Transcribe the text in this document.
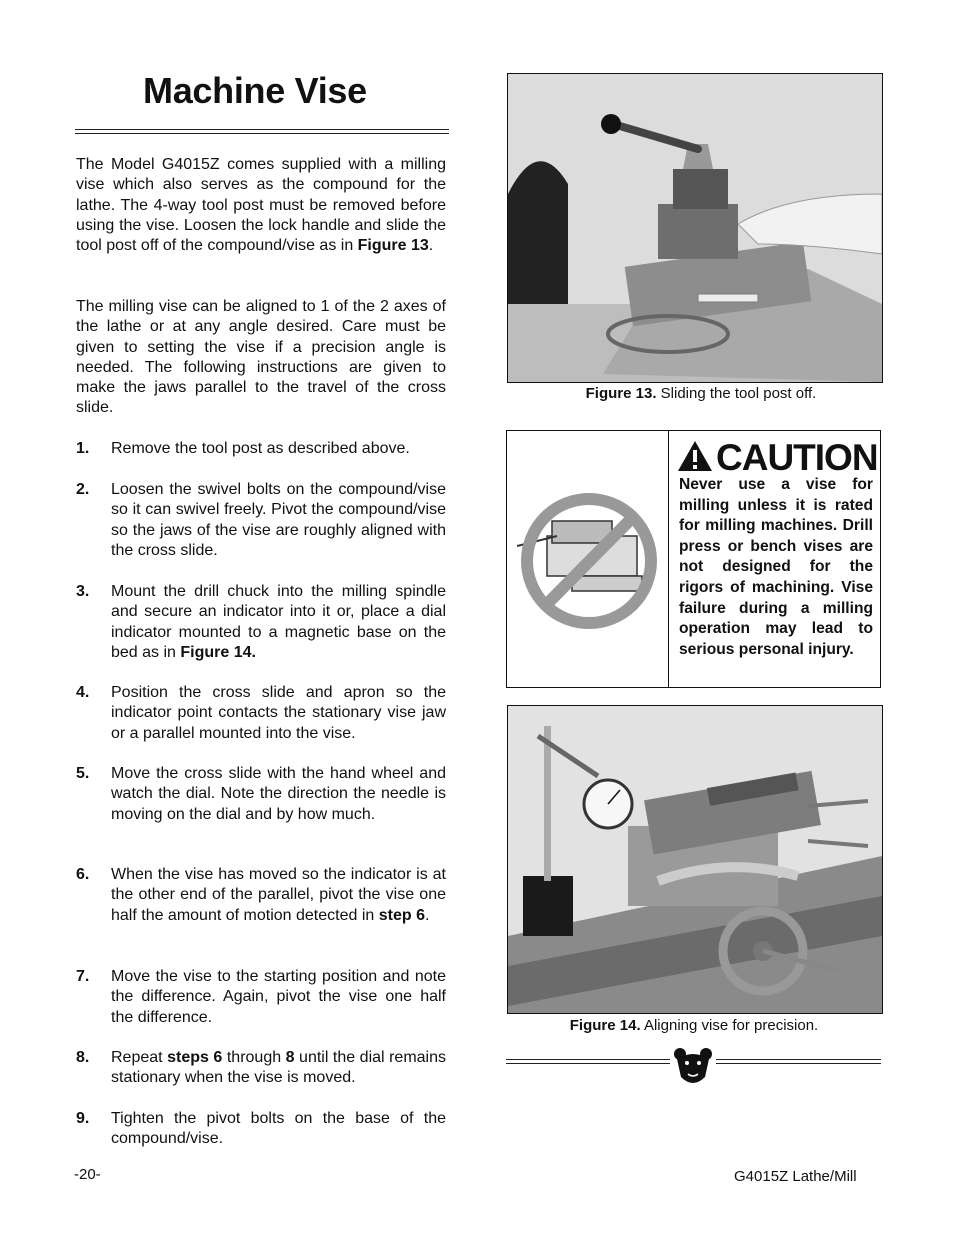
Machine Vise

The Model G4015Z comes supplied with a milling vise which also serves as the compound for the lathe. The 4-way tool post must be removed before using the vise. Loosen the lock handle and slide the tool post off of the compound/vise as in Figure 13.

The milling vise can be aligned to 1 of the 2 axes of the lathe or at any angle desired. Care must be given to setting the vise if a precision angle is needed. The following instructions are given to make the jaws parallel to the travel of the cross slide.

1. Remove the tool post as described above.
2. Loosen the swivel bolts on the compound/vise so it can swivel freely. Pivot the compound/vise so the jaws of the vise are roughly aligned with the cross slide.
3. Mount the drill chuck into the milling spindle and secure an indicator into it or, place a dial indicator mounted to a magnetic base on the bed as in Figure 14.
4. Position the cross slide and apron so the indicator point contacts the stationary vise jaw or a parallel mounted into the vise.
5. Move the cross slide with the hand wheel and watch the dial. Note the direction the needle is moving on the dial and by how much.
6. When the vise has moved so the indicator is at the other end of the parallel, pivot the vise one half the amount of motion detected in step 6.
7. Move the vise to the starting position and note the difference. Again, pivot the vise one half the difference.
8. Repeat steps 6 through 8 until the dial remains stationary when the vise is moved.
9. Tighten the pivot bolts on the base of the compound/vise.
Figure 13. Sliding the tool post off.
CAUTION
Never use a vise for milling unless it is rated for milling machines. Drill press or bench vises are not designed for the rigors of machining. Vise failure during a milling operation may lead to serious personal injury.
Figure 14. Aligning vise for precision.
-20-	G4015Z Lathe/Mill
